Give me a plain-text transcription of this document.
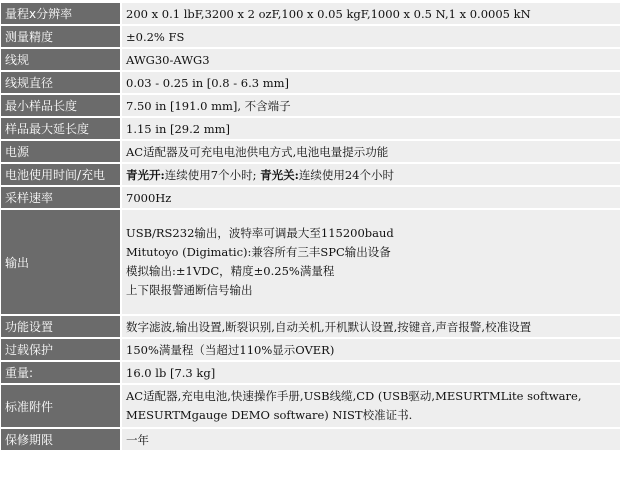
量程x分辨率	200 x 0.1 lbF,3200 x 2 ozF,100 x 0.05 kgF,1000 x 0.5 N,1 x 0.0005 kN
测量精度	±0.2% FS
线规	AWG30-AWG3
线规直径	0.03 - 0.25 in [0.8 - 6.3 mm]
最小样品长度	7.50 in [191.0 mm], 不含端子
样品最大延长度	1.15 in [29.2 mm]
电源	AC适配器及可充电电池供电方式,电池电量提示功能
电池使用时间/充电	青光开:连续使用7个小时; 青光关:连续使用24个小时
采样速率	7000Hz
输出	USB/RS232输出，波特率可调最大至115200baud
Mitutoyo (Digimatic):兼容所有三丰SPC输出设备
模拟输出:±1VDC，精度±0.25%满量程
上下限报警通断信号输出

功能设置	数字滤波,输出设置,断裂识别,自动关机,开机默认设置,按键音,声音报警,校准设置
过载保护	150%满量程（当超过110%显示OVER)
重量:	16.0 lb [7.3 kg]
标准附件	AC适配器,充电电池,快速操作手册,USB线缆,CD (USB驱动,MESURTMLite software,
MESURTMgauge DEMO software) NIST校准证书.

保修期限	一年
